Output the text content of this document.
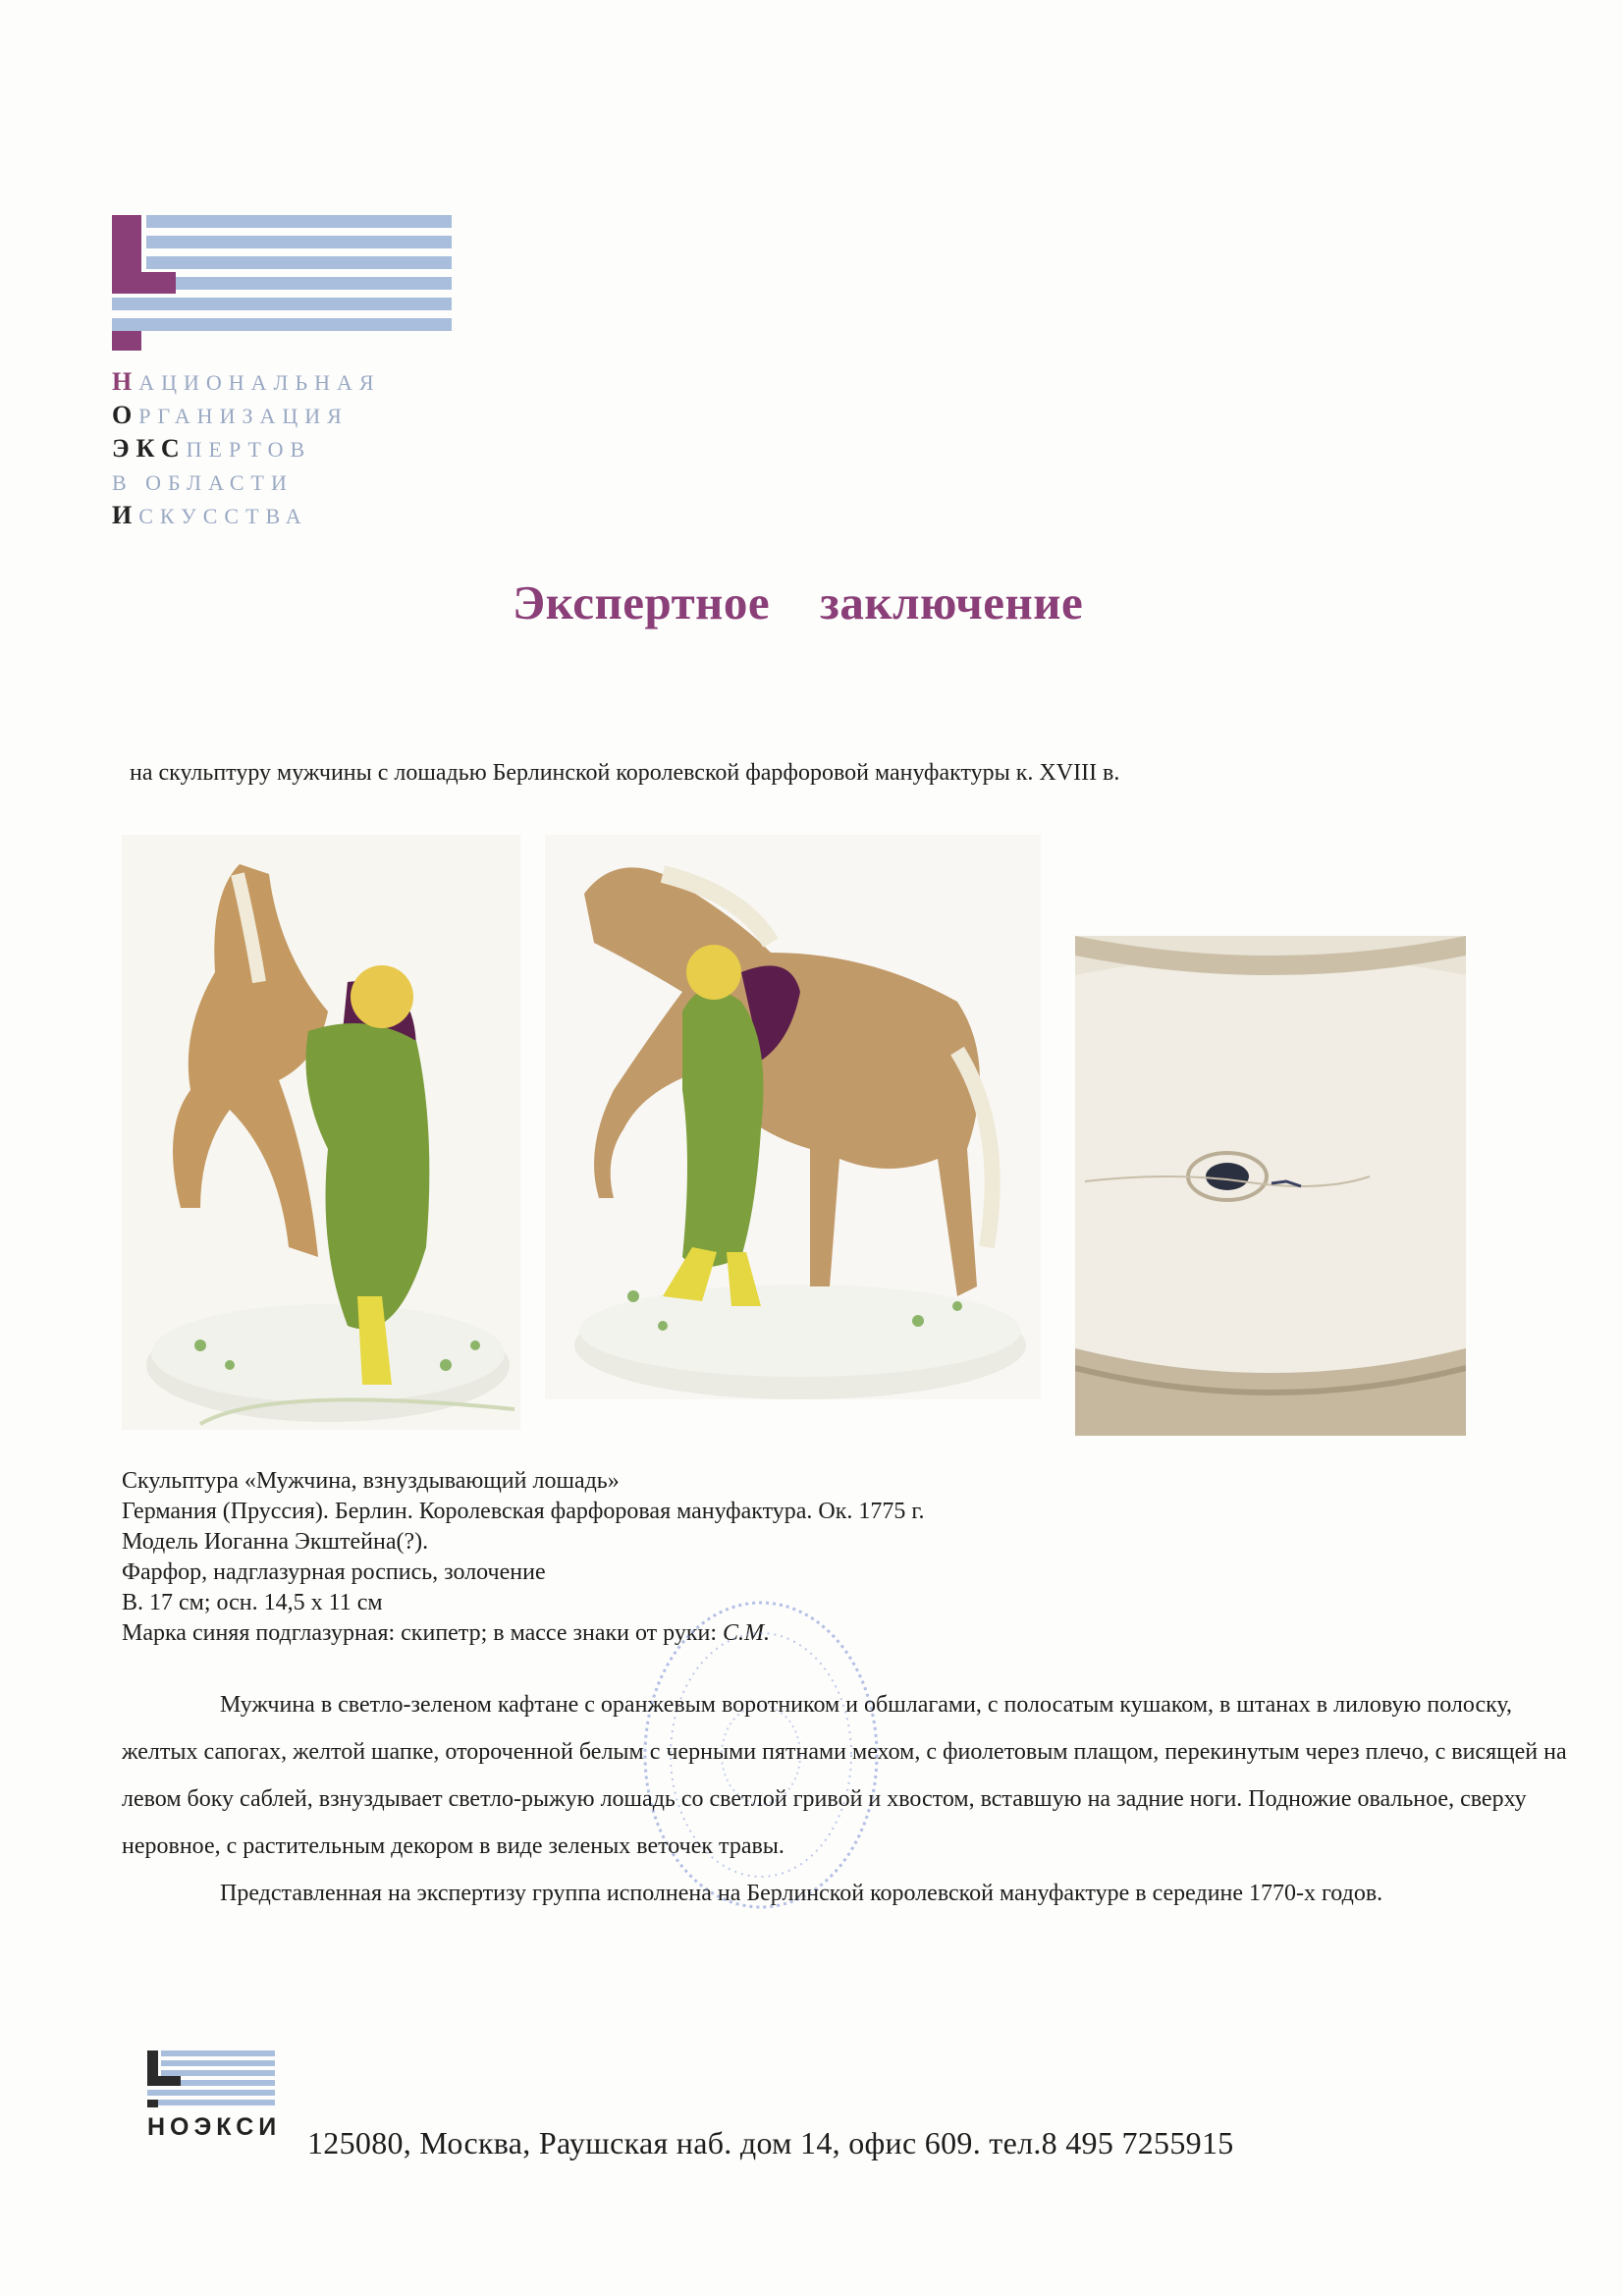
НАЦИОНАЛЬНАЯ
ОРГАНИЗАЦИЯ
ЭКСПЕРТОВ
В ОБЛАСТИ
ИСКУССТВА
Экспертное    заключение
на скульптуру мужчины с лошадью Берлинской королевской фарфоровой мануфактуры к. XVIII в.
Скульптура «Мужчина, взнуздывающий лошадь»
Германия (Пруссия). Берлин. Королевская фарфоровая мануфактура. Ок. 1775 г.
Модель Иоганна Экштейна(?).
Фарфор, надглазурная роспись, золочение
В. 17 см; осн. 14,5 х 11 см
Марка синяя подглазурная: скипетр; в массе знаки от руки: С.М.

Мужчина в светло-зеленом кафтане с оранжевым воротником и обшлагами, с полосатым кушаком, в штанах в лиловую полоску, желтых сапогах, желтой шапке, отороченной белым с черными пятнами мехом, с фиолетовым плащом, перекинутым через плечо, с висящей на левом боку саблей, взнуздывает светло-рыжую лошадь со светлой гривой и хвостом, вставшую на задние ноги. Подножие овальное, сверху неровное, с растительным декором в виде зеленых веточек травы.

Представленная на экспертизу группа исполнена на Берлинской королевской мануфактуре в середине 1770-х годов.

НОЭКСИ 125080, Москва, Раушская наб. дом 14, офис 609. тел.8 495 7255915
